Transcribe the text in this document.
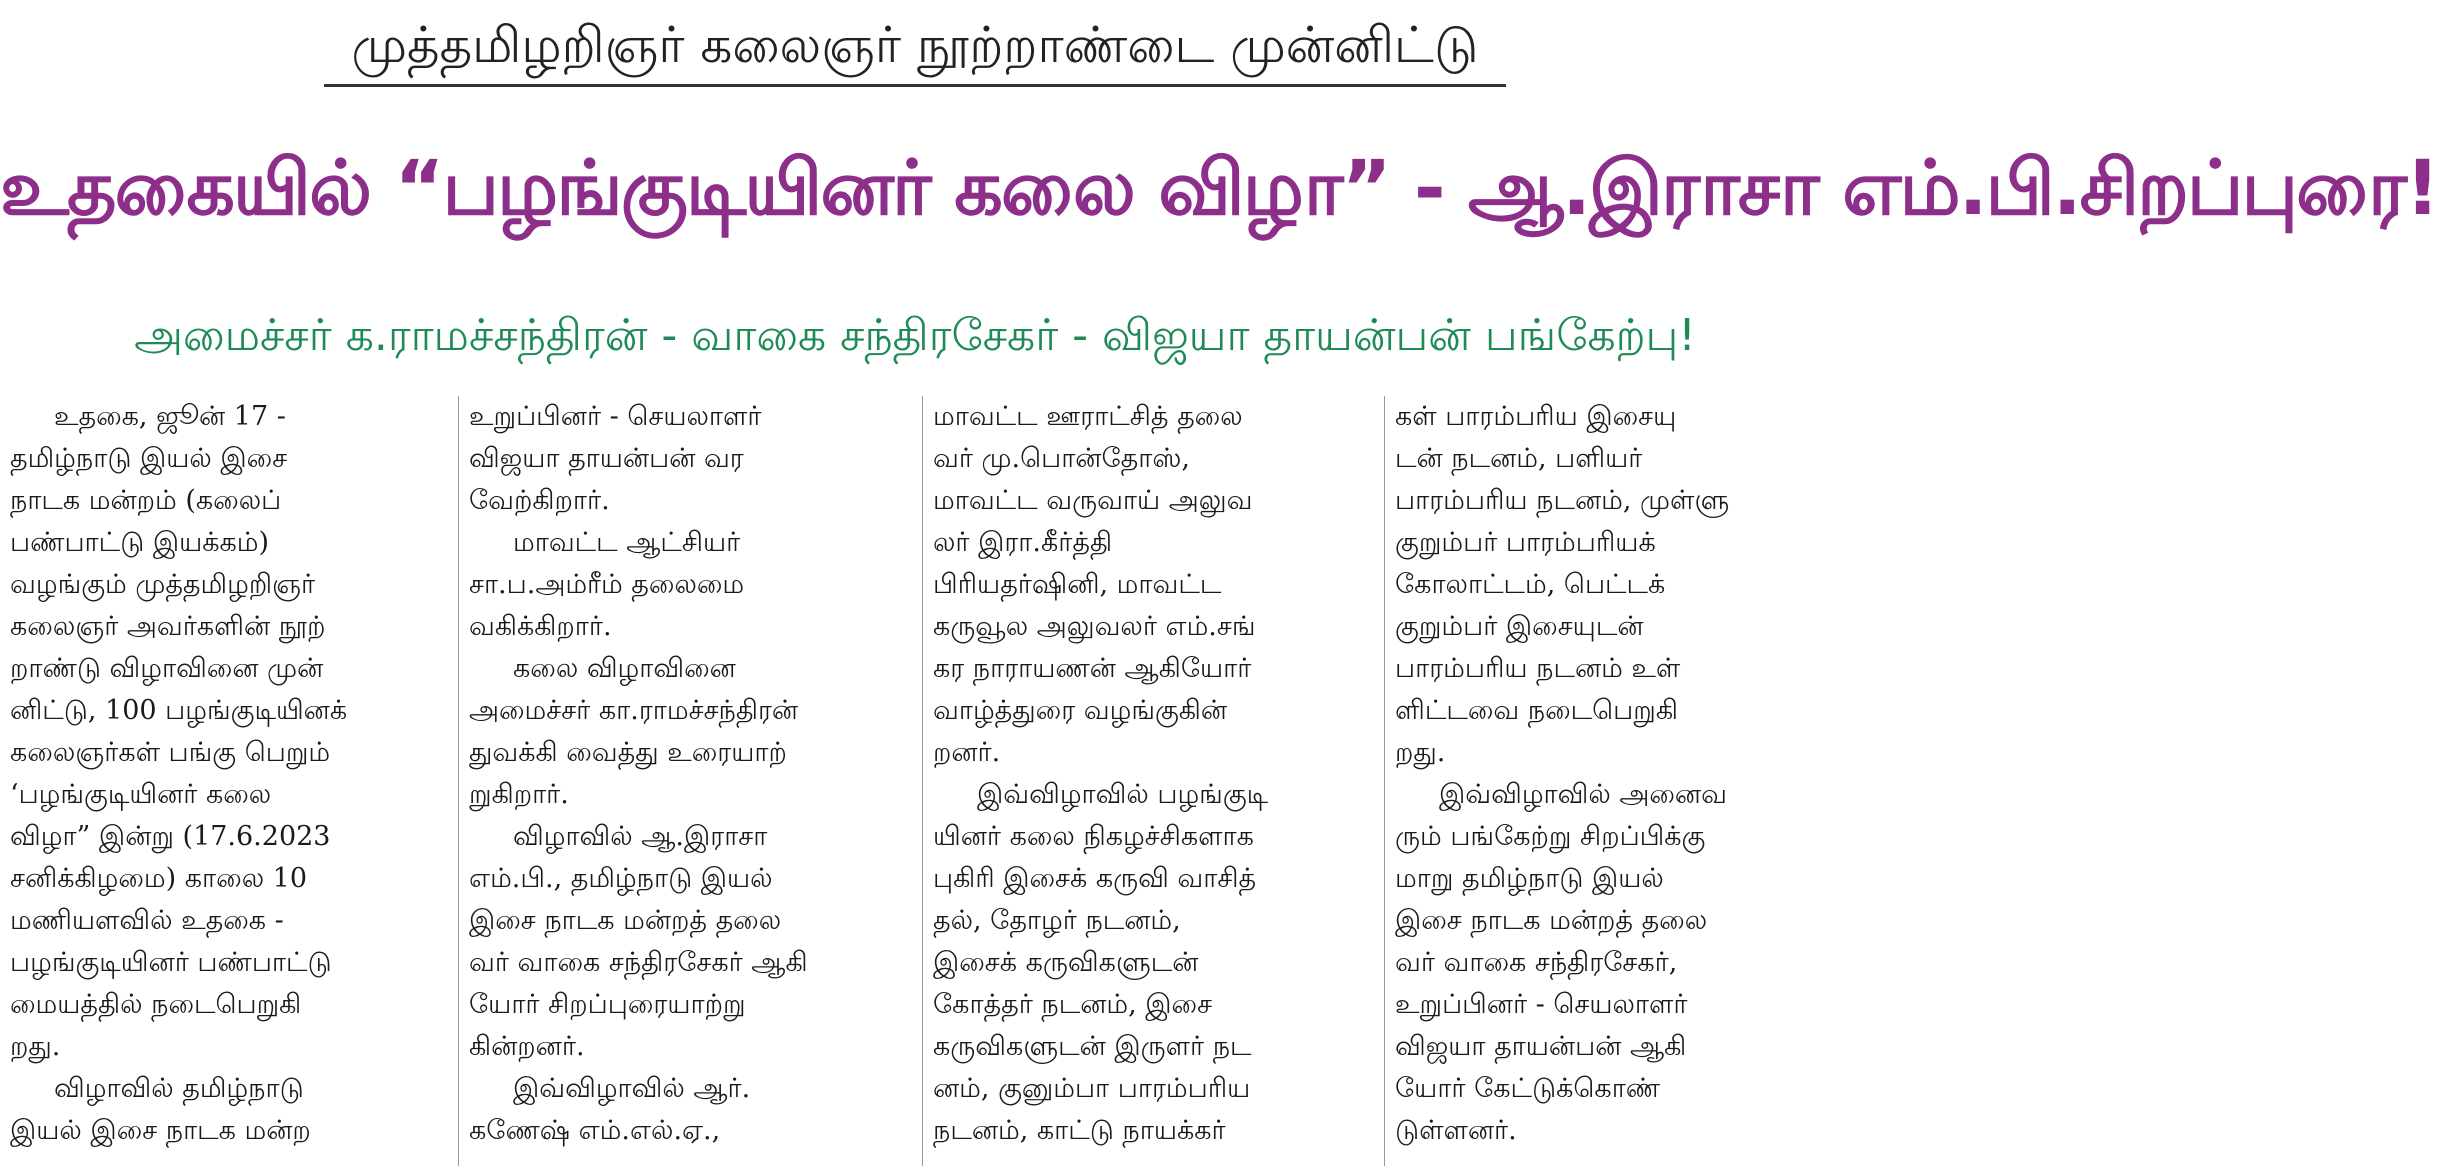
முத்தமிழறிஞர் கலைஞர் நூற்றாண்டை முன்னிட்டு
உதகையில் “பழங்குடியினர் கலை விழா” - ஆ.இராசா எம்.பி.சிறப்புரை!
அமைச்சர் க.ராமச்சந்திரன் - வாகை சந்திரசேகர் - விஜயா தாயன்பன் பங்கேற்பு!
உதகை, ஜூன் 17 -
தமிழ்நாடு இயல் இசை
நாடக மன்றம் (கலைப்
பண்பாட்டு இயக்கம்)
வழங்கும் முத்தமிழறிஞர்
கலைஞர் அவர்களின் நூற்
றாண்டு விழாவினை முன்
னிட்டு, 100 பழங்குடியினக்
கலைஞர்கள் பங்கு பெறும்
‘பழங்குடியினர் கலை
விழா” இன்று (17.6.2023
சனிக்கிழமை) காலை 10
மணியளவில் உதகை -
பழங்குடியினர் பண்பாட்டு
மையத்தில் நடைபெறுகி
றது.
விழாவில் தமிழ்நாடு
இயல் இசை நாடக மன்ற
உறுப்பினர் - செயலாளர்
விஜயா தாயன்பன் வர
வேற்கிறார்.
மாவட்ட ஆட்சியர்
சா.ப.அம்ரீம் தலைமை
வகிக்கிறார்.
கலை விழாவினை
அமைச்சர் கா.ராமச்சந்திரன்
துவக்கி வைத்து உரையாற்
றுகிறார்.
விழாவில் ஆ.இராசா
எம்.பி., தமிழ்நாடு இயல்
இசை நாடக மன்றத் தலை
வர் வாகை சந்திரசேகர் ஆகி
யோர் சிறப்புரையாற்று
கின்றனர்.
இவ்விழாவில் ஆர்.
கணேஷ் எம்.எல்.ஏ.,
மாவட்ட ஊராட்சித் தலை
வர் மு.பொன்தோஸ்,
மாவட்ட வருவாய் அலுவ
லர் இரா.கீர்த்தி
பிரியதர்ஷினி, மாவட்ட
கருவூல அலுவலர் எம்.சங்
கர நாராயணன் ஆகியோர்
வாழ்த்துரை வழங்குகின்
றனர்.
இவ்விழாவில் பழங்குடி
யினர் கலை நிகழச்சிகளாக
புகிரி இசைக் கருவி வாசித்
தல், தோழர் நடனம்,
இசைக் கருவிகளுடன்
கோத்தர் நடனம், இசை
கருவிகளுடன் இருளர் நட
னம், குனும்பா பாரம்பரிய
நடனம், காட்டு நாயக்கர்
கள் பாரம்பரிய இசையு
டன் நடனம், பளியர்
பாரம்பரிய நடனம், முள்ளு
குறும்பர் பாரம்பரியக்
கோலாட்டம், பெட்டக்
குறும்பர் இசையுடன்
பாரம்பரிய நடனம் உள்
ளிட்டவை நடைபெறுகி
றது.
இவ்விழாவில் அனைவ
ரும் பங்கேற்று சிறப்பிக்கு
மாறு தமிழ்நாடு இயல்
இசை நாடக மன்றத் தலை
வர் வாகை சந்திரசேகர்,
உறுப்பினர் - செயலாளர்
விஜயா தாயன்பன் ஆகி
யோர் கேட்டுக்கொண்
டுள்ளனர்.
